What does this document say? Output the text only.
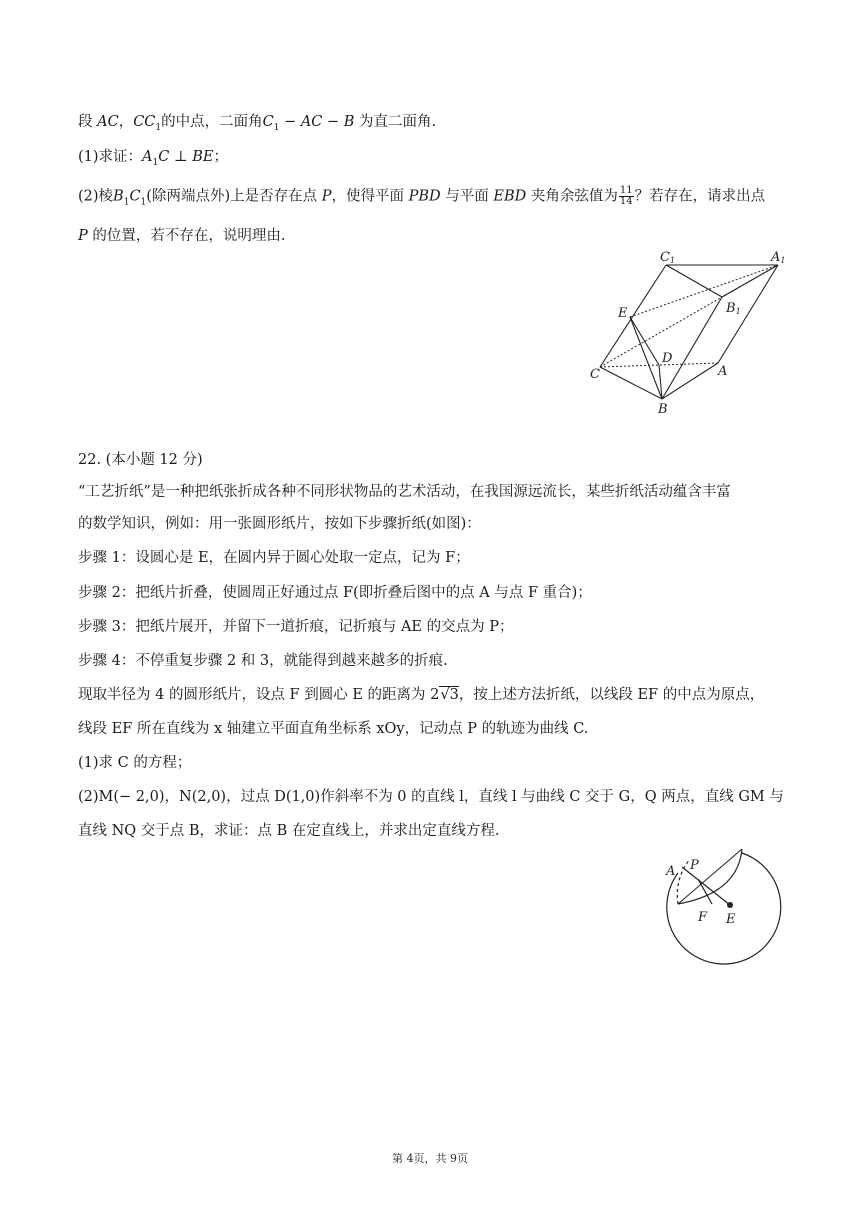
段 AC，$CC_1$的中点，二面角$C_1$ − AC − B 为直二面角.
(1)求证：$A_1C$ ⊥ BE；
(2)棱$B_1C_1$(除两端点外)上是否存在点 P，使得平面 PBD 与平面 EBD 夹角余弦值为 $\frac{11}{14}$ ？若存在，请求出点
P 的位置，若不存在，说明理由.
C1	A1
E	B1
D
C	A
B
22. (本小题 12 分)
“工艺折纸”是一种把纸张折成各种不同形状物品的艺术活动，在我国源远流长，某些折纸活动蕴含丰富
的数学知识，例如：用一张圆形纸片，按如下步骤折纸(如图)：
步骤 1：设圆心是 E，在圆内异于圆心处取一定点，记为 F；
步骤 2：把纸片折叠，使圆周正好通过点 F(即折叠后图中的点 A 与点 F 重合)；
步骤 3：把纸片展开，并留下一道折痕，记折痕与 AE 的交点为 P；
步骤 4：不停重复步骤 2 和 3，就能得到越来越多的折痕.
现取半径为 4 的圆形纸片，设点 F 到圆心 E 的距离为 2√3，按上述方法折纸，以线段 EF 的中点为原点，
线段 EF 所在直线为 x 轴建立平面直角坐标系 xOy，记动点 P 的轨迹为曲线 C.
(1)求 C 的方程；
(2)M(− 2,0)，N(2,0)，过点 D(1,0)作斜率不为 0 的直线 l，直线 l 与曲线 C 交于 G，Q 两点，直线 GM 与
直线 NQ 交于点 B，求证：点 B 在定直线上，并求出定直线方程.
A P
F E
第 4页，共 9页
